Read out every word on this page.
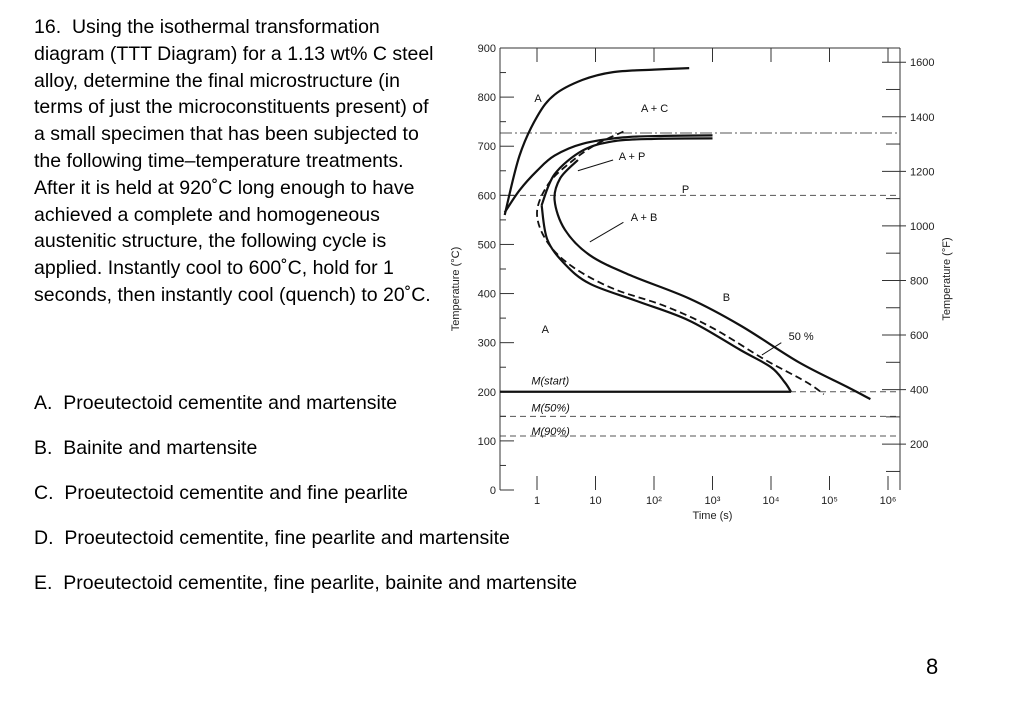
16. Using the isothermal transformation diagram (TTT Diagram) for a 1.13 wt% C steel alloy, determine the final microstructure (in terms of just the microconstituents present) of a small specimen that has been subjected to the following time–temperature treatments. After it is held at 920˚C long enough to have achieved a complete and homogeneous austenitic structure, the following cycle is applied. Instantly cool to 600˚C, hold for 1 seconds, then instantly cool (quench) to 20˚C.

A. Proeutectoid cementite and martensite
B. Bainite and martensite
C. Proeutectoid cementite and fine pearlite
D. Proeutectoid cementite, fine pearlite and martensite
E. Proeutectoid cementite, fine pearlite, bainite and martensite
8
0
100
200
300
400
500
600
700
800
900
200
400
600
800
1000
1200
1400
1600
1	10	10²	10³	10⁴	10⁵	10⁶
Time (s)
Temperature (°C)	Temperature (°F)
A
A + C
A + P
P
A + B
B
A
50 %
M(start)
M(50%)
M(90%)
